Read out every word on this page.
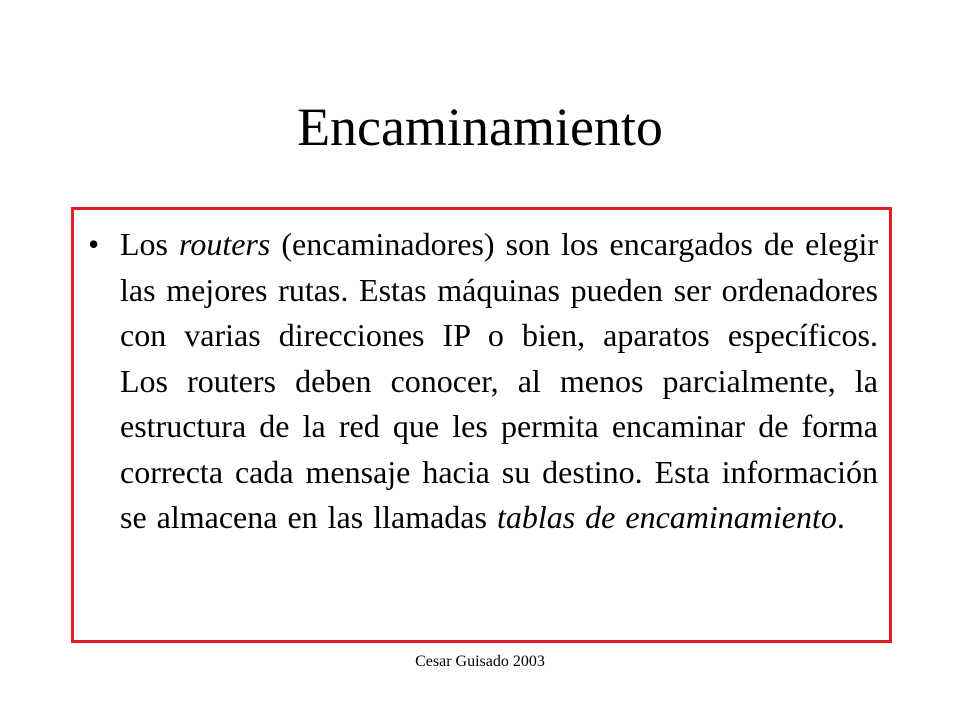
Encaminamiento
• Los routers (encaminadores) son los encargados de elegir las mejores rutas. Estas máquinas pueden ser ordenadores con varias direcciones IP o bien, aparatos específicos. Los routers deben conocer, al menos parcialmente, la estructura de la red que les permita encaminar de forma correcta cada mensaje hacia su destino. Esta información se almacena en las llamadas tablas de encaminamiento.
Cesar Guisado 2003
